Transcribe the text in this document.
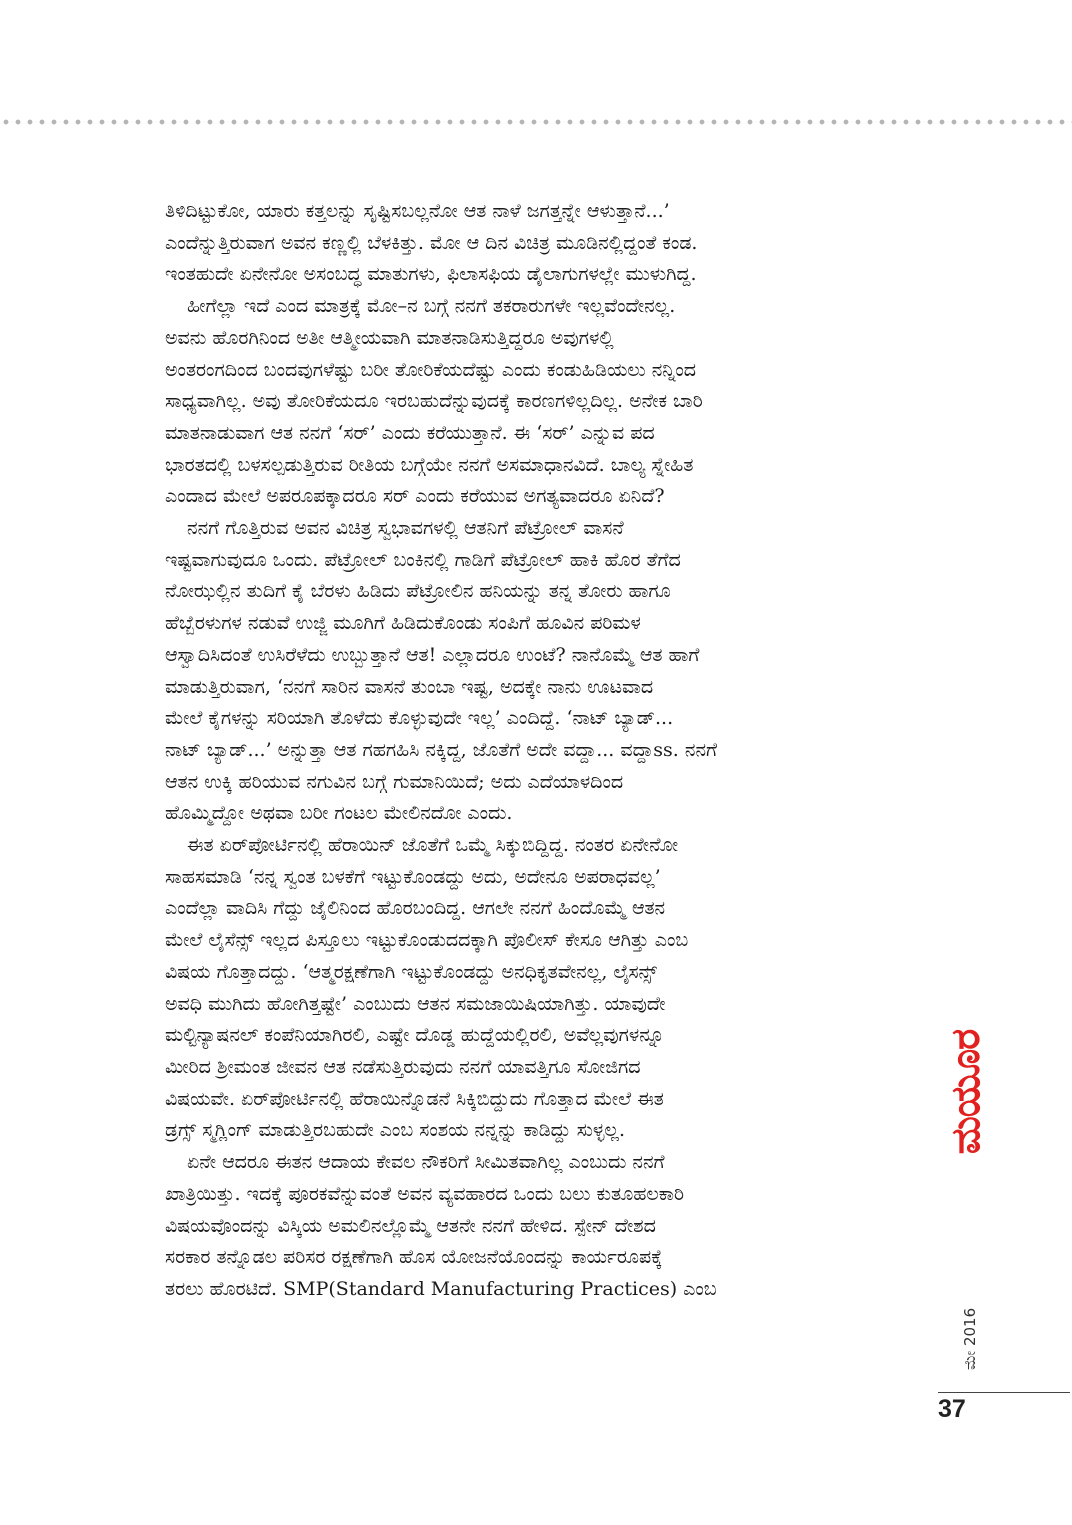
ತಿಳಿದಿಟ್ಟುಕೋ, ಯಾರು ಕತ್ತಲನ್ನು ಸೃಷ್ಟಿಸಬಲ್ಲನೋ ಆತ ನಾಳೆ ಜಗತ್ತನ್ನೇ ಆಳುತ್ತಾನೆ...’
ಎಂದೆನ್ನುತ್ತಿರುವಾಗ ಅವನ ಕಣ್ಣಲ್ಲಿ ಬೆಳಕಿತ್ತು. ಮೋ ಆ ದಿನ ವಿಚಿತ್ರ ಮೂಡಿನಲ್ಲಿದ್ದಂತೆ ಕಂಡ.
ಇಂತಹುದೇ ಏನೇನೋ ಅಸಂಬದ್ಧ ಮಾತುಗಳು, ಫಿಲಾಸಫಿಯ ಡೈಲಾಗುಗಳಲ್ಲೇ ಮುಳುಗಿದ್ದ.

ಹೀಗೆಲ್ಲಾ ಇದೆ ಎಂದ ಮಾತ್ರಕ್ಕೆ ಮೋ–ನ ಬಗ್ಗೆ ನನಗೆ ತಕರಾರುಗಳೇ ಇಲ್ಲವೆಂದೇನಲ್ಲ.
ಅವನು ಹೊರಗಿನಿಂದ ಅತೀ ಆತ್ಮೀಯವಾಗಿ ಮಾತನಾಡಿಸುತ್ತಿದ್ದರೂ ಅವುಗಳಲ್ಲಿ
ಅಂತರಂಗದಿಂದ ಬಂದವುಗಳೆಷ್ಟು ಬರೀ ತೋರಿಕೆಯದೆಷ್ಟು ಎಂದು ಕಂಡುಹಿಡಿಯಲು ನನ್ನಿಂದ
ಸಾಧ್ಯವಾಗಿಲ್ಲ. ಅವು ತೋರಿಕೆಯದೂ ಇರಬಹುದೆನ್ನುವುದಕ್ಕೆ ಕಾರಣಗಳಿಲ್ಲದಿಲ್ಲ. ಅನೇಕ ಬಾರಿ
ಮಾತನಾಡುವಾಗ ಆತ ನನಗೆ ‘ಸರ್’ ಎಂದು ಕರೆಯುತ್ತಾನೆ. ಈ ‘ಸರ್’ ಎನ್ನುವ ಪದ
ಭಾರತದಲ್ಲಿ ಬಳಸಲ್ಪಡುತ್ತಿರುವ ರೀತಿಯ ಬಗ್ಗೆಯೇ ನನಗೆ ಅಸಮಾಧಾನವಿದೆ. ಬಾಲ್ಯ ಸ್ನೇಹಿತ
ಎಂದಾದ ಮೇಲೆ ಅಪರೂಪಕ್ಕಾದರೂ ಸರ್ ಎಂದು ಕರೆಯುವ ಅಗತ್ಯವಾದರೂ ಏನಿದೆ?

ನನಗೆ ಗೊತ್ತಿರುವ ಅವನ ವಿಚಿತ್ರ ಸ್ವಭಾವಗಳಲ್ಲಿ ಆತನಿಗೆ ಪೆಟ್ರೋಲ್ ವಾಸನೆ
ಇಷ್ಟವಾಗುವುದೂ ಒಂದು. ಪೆಟ್ರೋಲ್ ಬಂಕಿನಲ್ಲಿ ಗಾಡಿಗೆ ಪೆಟ್ರೋಲ್ ಹಾಕಿ ಹೊರ ತೆಗೆದ
ನೋಝಲ್ಲಿನ ತುದಿಗೆ ಕೈ ಬೆರಳು ಹಿಡಿದು ಪೆಟ್ರೋಲಿನ ಹನಿಯನ್ನು ತನ್ನ ತೋರು ಹಾಗೂ
ಹೆಬ್ಬೆರಳುಗಳ ನಡುವೆ ಉಜ್ಜಿ ಮೂಗಿಗೆ ಹಿಡಿದುಕೊಂಡು ಸಂಪಿಗೆ ಹೂವಿನ ಪರಿಮಳ
ಆಸ್ವಾದಿಸಿದಂತೆ ಉಸಿರೆಳೆದು ಉಬ್ಬುತ್ತಾನೆ ಆತ! ಎಲ್ಲಾದರೂ ಉಂಟೆ? ನಾನೊಮ್ಮೆ ಆತ ಹಾಗೆ
ಮಾಡುತ್ತಿರುವಾಗ, ‘ನನಗೆ ಸಾರಿನ ವಾಸನೆ ತುಂಬಾ ಇಷ್ಟ, ಅದಕ್ಕೇ ನಾನು ಊಟವಾದ
ಮೇಲೆ ಕೈಗಳನ್ನು ಸರಿಯಾಗಿ ತೊಳೆದು ಕೊಳ್ಳುವುದೇ ಇಲ್ಲ’ ಎಂದಿದ್ದೆ. ‘ನಾಟ್ ಬ್ಯಾಡ್...
ನಾಟ್ ಬ್ಯಾಡ್...’ ಅನ್ನುತ್ತಾ ಆತ ಗಹಗಹಿಸಿ ನಕ್ಕಿದ್ದ, ಜೊತೆಗೆ ಅದೇ ವದ್ದಾ... ವದ್ದಾss. ನನಗೆ
ಆತನ ಉಕ್ಕಿ ಹರಿಯುವ ನಗುವಿನ ಬಗ್ಗೆ ಗುಮಾನಿಯಿದೆ; ಅದು ಎದೆಯಾಳದಿಂದ
ಹೊಮ್ಮಿದ್ದೋ ಅಥವಾ ಬರೀ ಗಂಟಲ ಮೇಲಿನದೋ ಎಂದು.

ಈತ ಏರ್‌ಪೋರ್ಟಿನಲ್ಲಿ ಹೆರಾಯಿನ್ ಜೊತೆಗೆ ಒಮ್ಮೆ ಸಿಕ್ಕುಬಿದ್ದಿದ್ದ. ನಂತರ ಏನೇನೋ
ಸಾಹಸಮಾಡಿ ‘ನನ್ನ ಸ್ವಂತ ಬಳಕೆಗೆ ಇಟ್ಟುಕೊಂಡದ್ದು ಅದು, ಅದೇನೂ ಅಪರಾಧವಲ್ಲ’
ಎಂದೆಲ್ಲಾ ವಾದಿಸಿ ಗೆದ್ದು ಜೈಲಿನಿಂದ ಹೊರಬಂದಿದ್ದ. ಆಗಲೇ ನನಗೆ ಹಿಂದೊಮ್ಮೆ ಆತನ
ಮೇಲೆ ಲೈಸೆನ್ಸ್ ಇಲ್ಲದ ಪಿಸ್ತೂಲು ಇಟ್ಟುಕೊಂಡುದದಕ್ಕಾಗಿ ಪೊಲೀಸ್ ಕೇಸೂ ಆಗಿತ್ತು ಎಂಬ
ವಿಷಯ ಗೊತ್ತಾದದ್ದು. ‘ಆತ್ಮರಕ್ಷಣೆಗಾಗಿ ಇಟ್ಟುಕೊಂಡದ್ದು ಅನಧಿಕೃತವೇನಲ್ಲ, ಲೈಸನ್ಸ್
ಅವಧಿ ಮುಗಿದು ಹೋಗಿತ್ತಷ್ಟೇ’ ಎಂಬುದು ಆತನ ಸಮಜಾಯಿಷಿಯಾಗಿತ್ತು. ಯಾವುದೇ
ಮಲ್ಟಿನ್ಯಾಷನಲ್ ಕಂಪೆನಿಯಾಗಿರಲಿ, ಎಷ್ಟೇ ದೊಡ್ಡ ಹುದ್ದೆಯಲ್ಲಿರಲಿ, ಅವೆಲ್ಲವುಗಳನ್ನೂ
ಮೀರಿದ ಶ್ರೀಮಂತ ಜೀವನ ಆತ ನಡೆಸುತ್ತಿರುವುದು ನನಗೆ ಯಾವತ್ತಿಗೂ ಸೋಜಿಗದ
ವಿಷಯವೇ. ಏರ್‌ಪೋರ್ಟಿನಲ್ಲಿ ಹೆರಾಯಿನ್ನೊಡನೆ ಸಿಕ್ಕಿಬಿದ್ದುದು ಗೊತ್ತಾದ ಮೇಲೆ ಈತ
ಡ್ರಗ್ಸ್ ಸ್ಮಗ್ಲಿಂಗ್ ಮಾಡುತ್ತಿರಬಹುದೇ ಎಂಬ ಸಂಶಯ ನನ್ನನ್ನು ಕಾಡಿದ್ದು ಸುಳ್ಳಲ್ಲ.

ಏನೇ ಆದರೂ ಈತನ ಆದಾಯ ಕೇವಲ ನೌಕರಿಗೆ ಸೀಮಿತವಾಗಿಲ್ಲ ಎಂಬುದು ನನಗೆ
ಖಾತ್ರಿಯಿತ್ತು. ಇದಕ್ಕೆ ಪೂರಕವೆನ್ನುವಂತೆ ಅವನ ವ್ಯವಹಾರದ ಒಂದು ಬಲು ಕುತೂಹಲಕಾರಿ
ವಿಷಯವೊಂದನ್ನು ವಿಸ್ಕಿಯ ಅಮಲಿನಲ್ಲೊಮ್ಮೆ ಆತನೇ ನನಗೆ ಹೇಳಿದ. ಸ್ಪೇನ್ ದೇಶದ
ಸರಕಾರ ತನ್ನೊಡಲ ಪರಿಸರ ರಕ್ಷಣೆಗಾಗಿ ಹೊಸ ಯೋಜನೆಯೊಂದನ್ನು ಕಾರ್ಯರೂಪಕ್ಕೆ
ತರಲು ಹೊರಟಿದೆ. SMP(Standard Manufacturing Practices) ಎಂಬ

ಮಯೂರ
ಮೇ 2016
37
